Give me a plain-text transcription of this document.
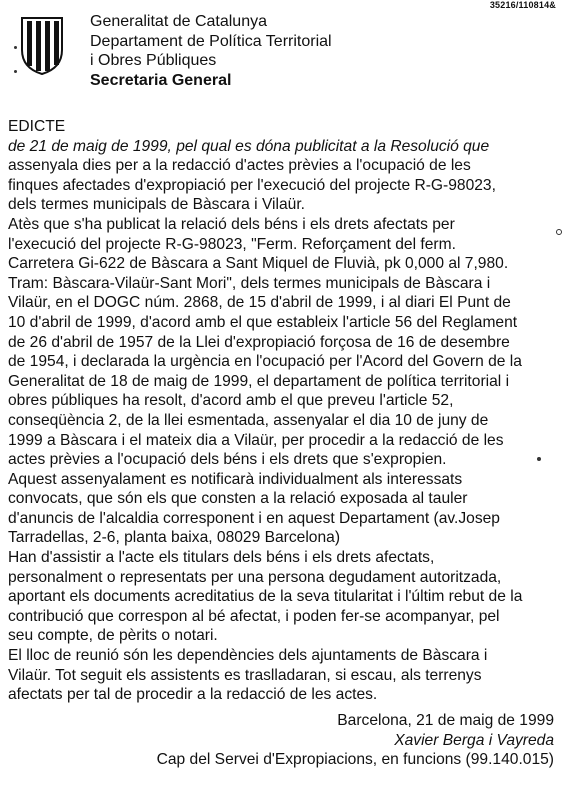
35216/110814&
Generalitat de Catalunya
Departament de Política Territorial
i Obres Públiques
Secretaria General
EDICTE
de 21 de maig de 1999, pel qual es dóna publicitat a la Resolució que
assenyala dies per a la redacció d'actes prèvies a l'ocupació de les
finques afectades d'expropiació per l'execució del projecte R-G-98023,
dels termes municipals de Bàscara i Vilaür.
Atès que s'ha publicat la relació dels béns i els drets afectats per
l'execució del projecte R-G-98023, "Ferm. Reforçament del ferm.
Carretera Gi-622 de Bàscara a Sant Miquel de Fluvià, pk 0,000 al 7,980.
Tram: Bàscara-Vilaür-Sant Mori", dels termes municipals de Bàscara i
Vilaür, en el DOGC núm. 2868, de 15 d'abril de 1999, i al diari El Punt de
10 d'abril de 1999, d'acord amb el que estableix l'article 56 del Reglament
de 26 d'abril de 1957 de la Llei d'expropiació forçosa de 16 de desembre
de 1954, i declarada la urgència en l'ocupació per l'Acord del Govern de la
Generalitat de 18 de maig de 1999, el departament de política territorial i
obres públiques ha resolt, d'acord amb el que preveu l'article 52,
conseqüència 2, de la llei esmentada, assenyalar el dia 10 de juny de
1999 a Bàscara i el mateix dia a Vilaür, per procedir a la redacció de les
actes prèvies a l'ocupació dels béns i els drets que s'expropien.
Aquest assenyalament es notificarà individualment als interessats
convocats, que són els que consten a la relació exposada al tauler
d'anuncis de l'alcaldia corresponent i en aquest Departament (av.Josep
Tarradellas, 2-6, planta baixa, 08029 Barcelona)
Han d'assistir a l'acte els titulars dels béns i els drets afectats,
personalment o representats per una persona degudament autoritzada,
aportant els documents acreditatius de la seva titularitat i l'últim rebut de la
contribució que correspon al bé afectat, i poden fer-se acompanyar, pel
seu compte, de pèrits o notari.
El lloc de reunió són les dependències dels ajuntaments de Bàscara i
Vilaür. Tot seguit els assistents es traslladaran, si escau, als terrenys
afectats per tal de procedir a la redacció de les actes.
Barcelona, 21 de maig de 1999
Xavier Berga i Vayreda
Cap del Servei d'Expropiacions, en funcions (99.140.015)
